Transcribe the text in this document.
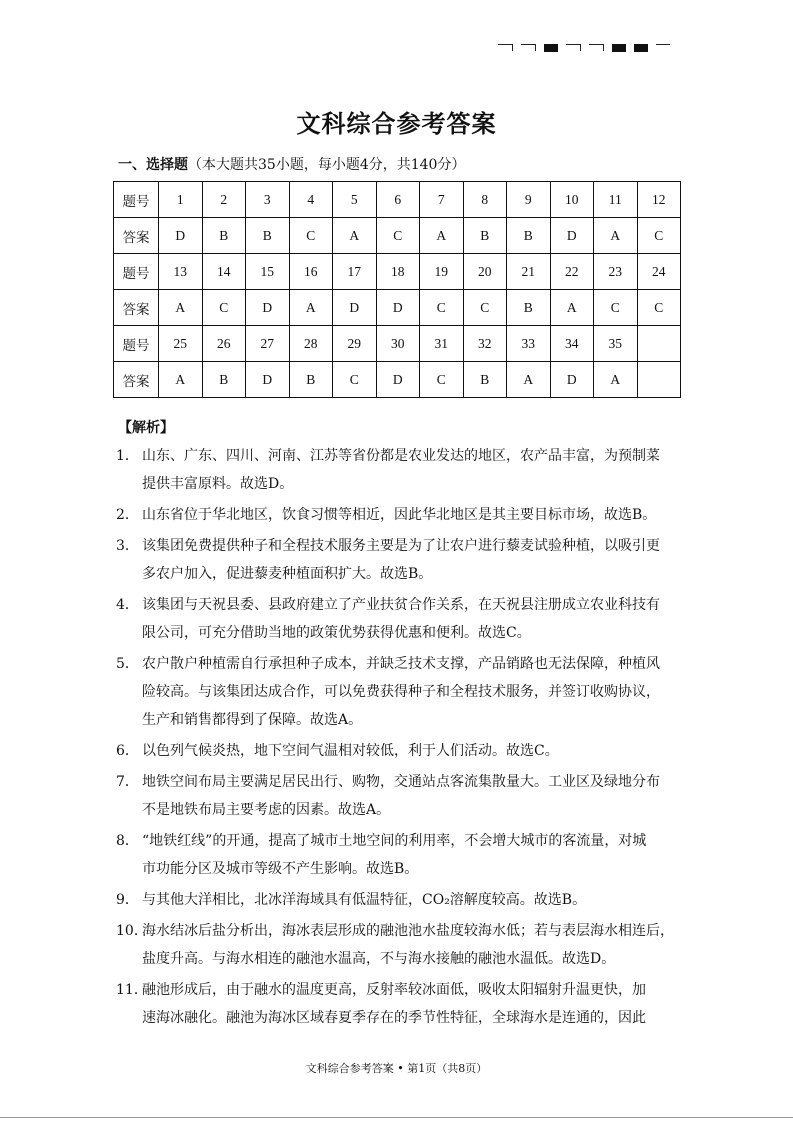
文科综合参考答案
一、选择题（本大题共35小题，每小题4分，共140分）
题号	1	2	3	4	5	6	7	8	9	10	11	12
答案	D	B	B	C	A	C	A	B	B	D	A	C
题号	13	14	15	16	17	18	19	20	21	22	23	24
答案	A	C	D	A	D	D	C	C	B	A	C	C
题号	25	26	27	28	29	30	31	32	33	34	35	
答案	A	B	D	B	C	D	C	B	A	D	A	
【解析】
1． 山东、广东、四川、河南、江苏等省份都是农业发达的地区，农产品丰富，为预制菜
提供丰富原料。故选D。
2． 山东省位于华北地区，饮食习惯等相近，因此华北地区是其主要目标市场，故选B。
3． 该集团免费提供种子和全程技术服务主要是为了让农户进行藜麦试验种植，以吸引更
多农户加入，促进藜麦种植面积扩大。故选B。
4． 该集团与天祝县委、县政府建立了产业扶贫合作关系，在天祝县注册成立农业科技有
限公司，可充分借助当地的政策优势获得优惠和便利。故选C。
5． 农户散户种植需自行承担种子成本，并缺乏技术支撑，产品销路也无法保障，种植风
险较高。与该集团达成合作，可以免费获得种子和全程技术服务，并签订收购协议，
生产和销售都得到了保障。故选A。
6． 以色列气候炎热，地下空间气温相对较低，利于人们活动。故选C。
7． 地铁空间布局主要满足居民出行、购物，交通站点客流集散量大。工业区及绿地分布
不是地铁布局主要考虑的因素。故选A。
8． “地铁红线”的开通，提高了城市土地空间的利用率，不会增大城市的客流量，对城
市功能分区及城市等级不产生影响。故选B。
9． 与其他大洋相比，北冰洋海域具有低温特征，CO₂溶解度较高。故选B。
10．海水结冰后盐分析出，海冰表层形成的融池池水盐度较海水低；若与表层海水相连后，
盐度升高。与海水相连的融池水温高，不与海水接触的融池水温低。故选D。
11．融池形成后，由于融水的温度更高，反射率较冰面低，吸收太阳辐射升温更快，加
速海冰融化。融池为海冰区域春夏季存在的季节性特征，全球海水是连通的，因此
文科综合参考答案 • 第1页（共8页）
